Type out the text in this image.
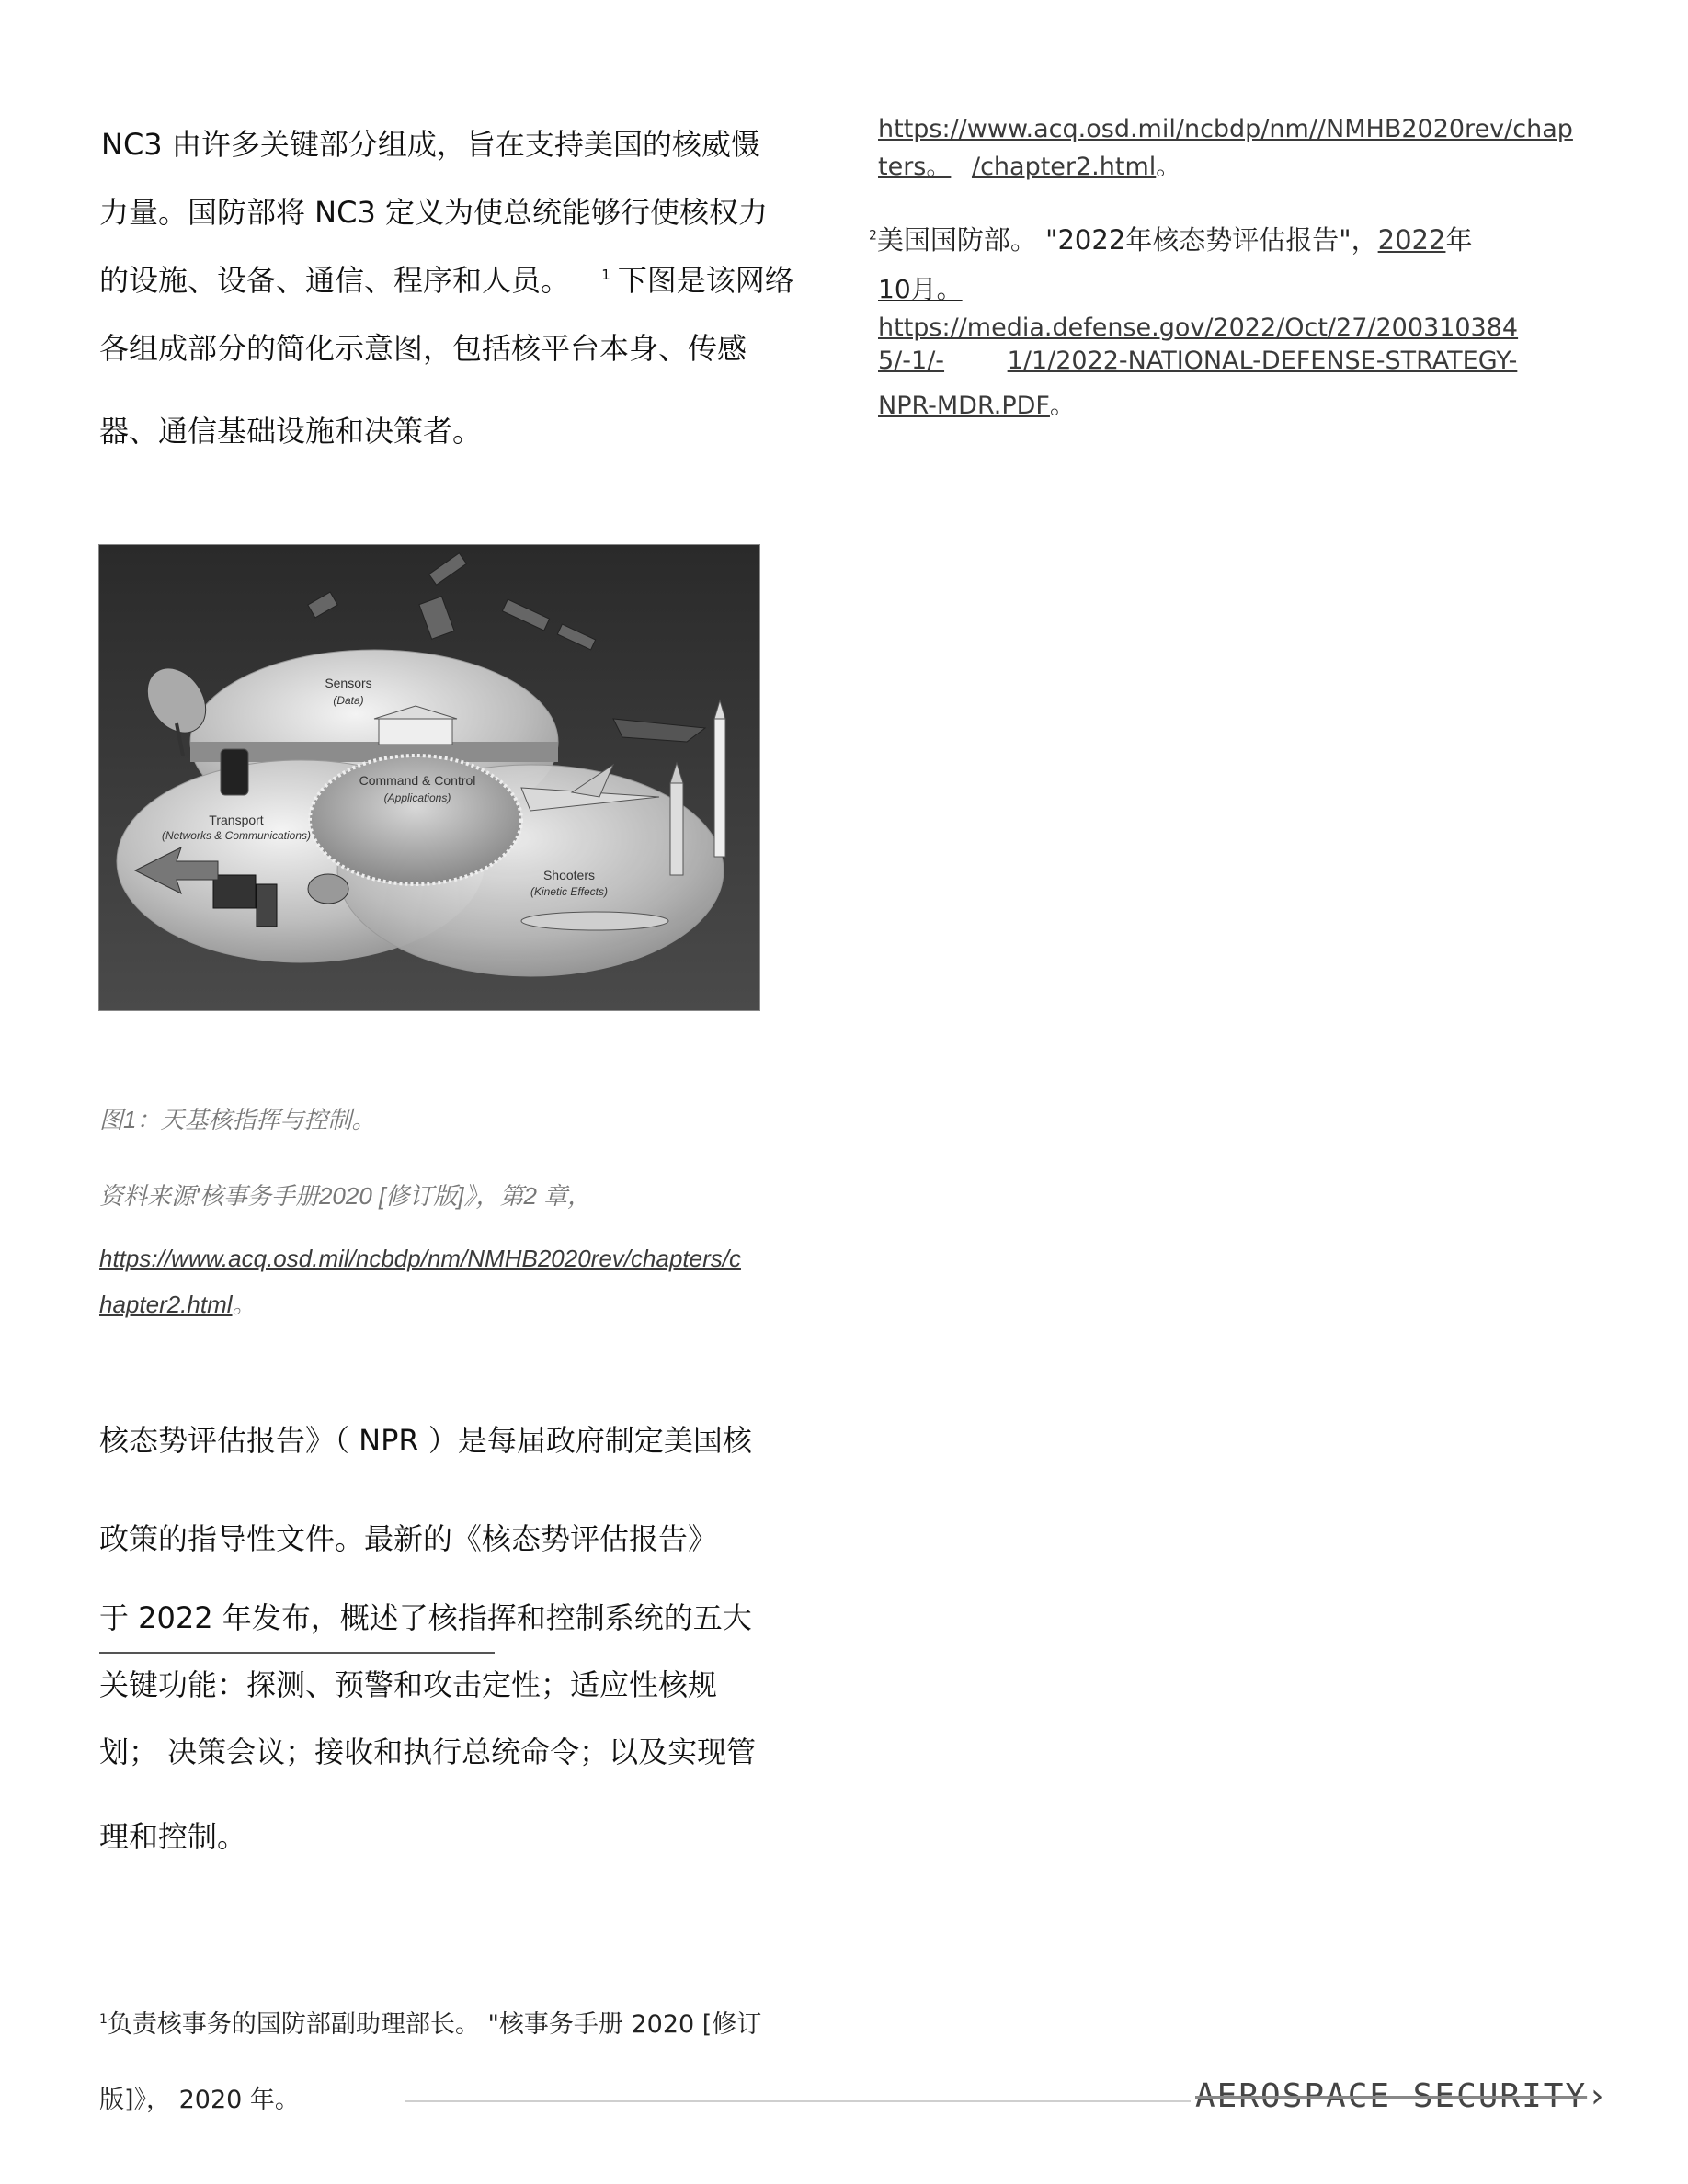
NC3 由许多关键部分组成，旨在支持美国的核威慑

力量。国防部将 NC3 定义为使总统能够行使核权力

的设施、设备、通信、程序和人员。 $^1$ 下图是该网络

各组成部分的简化示意图，包括核平台本身、传感

器、通信基础设施和决策者。

Sensors
(Data)
Command & Control
(Applications)
Transport
(Networks & Communications)
Shooters
(Kinetic Effects)
图1：天基核指挥与控制。
资料来源'核事务手册2020 [修订版]》，第2 章，
https://www.acq.osd.mil/ncbdp/nm/NMHB2020rev/chapters/c
hapter2.html。

核态势评估报告》（ NPR ）是每届政府制定美国核

政策的指导性文件。最新的《核态势评估报告》

于 2022 年发布，概述了核指挥和控制系统的五大

关键功能：探测、预警和攻击定性；适应性核规

划； 决策会议；接收和执行总统命令；以及实现管

理和控制。

$^1$负责核事务的国防部副助理部长。 "核事务手册 2020 [修订
版]》， 2020 年。
https://www.acq.osd.mil/ncbdp/nm//NMHB2020rev/chap
ters。 /chapter2.html。
$^2$美国国防部。 "2022年核态势评估报告"，2022年
10月。
https://media.defense.gov/2022/Oct/27/200310384
5/-1/-	1/1/2022-NATIONAL-DEFENSE-STRATEGY-
NPR-MDR.PDF。
AEROSPACE SECURITY›
